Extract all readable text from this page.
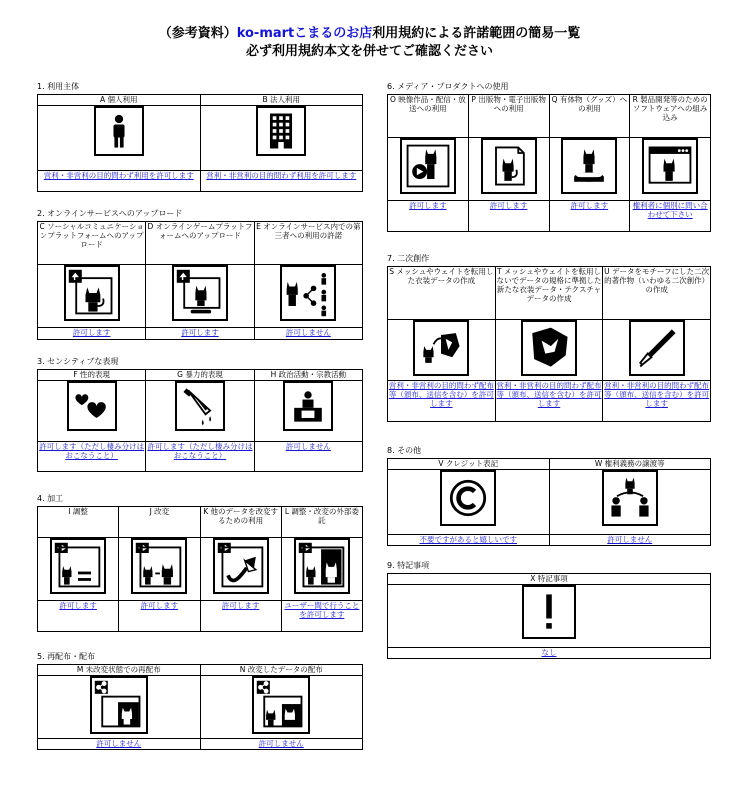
（参考資料）ko-martこまるのお店利用規約による許諾範囲の簡易一覧
必ず利用規約本文を併せてご確認ください
1. 利用主体
A 個人利用	B 法人利用

営利・非営利の目的問わず利用を許可します	営利・非営利の目的問わず利用を許可します
2. オンラインサービスへのアップロード
C ソーシャルコミュニケーションプラットフォームへのアップロード	D オンラインゲームプラットフォームへのアップロード	E オンラインサービス内での第三者への利用の許諾

許可します	許可します	許可しません
3. センシティブな表現
F 性的表現	G 暴力的表現	H 政治活動・宗教活動

許可します（ただし棲み分けはおこなうこと）	許可します（ただし棲み分けはおこなうこと）	許可しません
4. 加工
I 調整	J 改変	K 他のデータを改変するための利用	L 調整・改変の外部委託

許可します	許可します	許可します	ユーザー間で行うことを許可します
5. 再配布・配布
M 未改変状態での再配布	N 改変したデータの配布

許可しません	許可しません
6. メディア・プロダクトへの使用
O 映像作品・配信・放送への利用	P 出版物・電子出版物への利用	Q 有体物（グッズ）への利用	R 製品開発等のためのソフトウェアへの組み込み

許可します	許可します	許可します	権利者に個別に問い合わせて下さい
7. 二次創作
S メッシュやウェイトを転用した衣装データの作成	T メッシュやウェイトを転用しないでデータの規格に準拠した新たな衣装データ・テクスチャデータの作成	U データをモチーフにした二次的著作物（いわゆる二次創作）の作成

営利・非営利の目的問わず配布等（頒布、送信を含む）を許可します	営利・非営利の目的問わず配布等（頒布、送信を含む）を許可します	営利・非営利の目的問わず配布等（頒布、送信を含む）を許可します
8. その他
V クレジット表記	W 権利義務の譲渡等

不要ですがあると嬉しいです	許可しません
9. 特記事項
X 特記事項

なし
